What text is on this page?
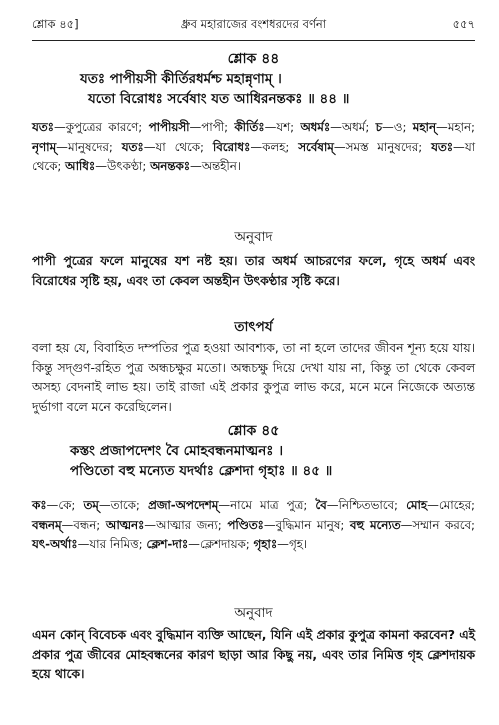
শ্লোক ৪৫]	ধ্রুব মহারাজের বংশধরদের বর্ণনা	৫৫৭

শ্লোক ৪৪

যতঃ পাপীয়সী কীর্তিরধর্মশ্চ মহান্নৃণাম্ ।

যতো বিরোধঃ সর্বেষাং যত আধিরনন্তকঃ ॥ ৪৪ ॥

যতঃ—কুপুত্রের কারণে; পাপীয়সী—পাপী; কীর্তিঃ—যশ; অধর্মঃ—অধর্ম; চ—ও; মহান্—মহান; নৃণাম্—মানুষদের; যতঃ—যা থেকে; বিরোধঃ—কলহ; সর্বেষাম্—সমস্ত মানুষদের; যতঃ—যা থেকে; আধিঃ—উৎকণ্ঠা; অনন্তকঃ—অন্তহীন।

অনুবাদ

পাপী পুত্রের ফলে মানুষের যশ নষ্ট হয়। তার অধর্ম আচরণের ফলে, গৃহে অধর্ম এবং বিরোধের সৃষ্টি হয়, এবং তা কেবল অন্তহীন উৎকণ্ঠার সৃষ্টি করে।

তাৎপর্য

বলা হয় যে, বিবাহিত দম্পতির পুত্র হওয়া আবশ্যক, তা না হলে তাদের জীবন শূন্য হয়ে যায়। কিন্তু সদ্গুণ-রহিত পুত্র অন্ধচক্ষুর মতো। অন্ধচক্ষু দিয়ে দেখা যায় না, কিন্তু তা থেকে কেবল অসহ্য বেদনাই লাভ হয়। তাই রাজা এই প্রকার কুপুত্র লাভ করে, মনে মনে নিজেকে অত্যন্ত দুর্ভাগা বলে মনে করেছিলেন।

শ্লোক ৪৫

কস্তং প্রজাপদেশং বৈ মোহবন্ধনমাত্মনঃ ।

পণ্ডিতো বহু মন্যেত যদর্থাঃ ক্লেশদা গৃহাঃ ॥ ৪৫ ॥

কঃ—কে; তম্—তাকে; প্রজা-অপদেশম্—নামে মাত্র পুত্র; বৈ—নিশ্চিতভাবে; মোহ—মোহের; বন্ধনম্—বন্ধন; আত্মনঃ—আত্মার জন্য; পণ্ডিতঃ—বুদ্ধিমান মানুষ; বহু মন্যেত—সম্মান করবে; যৎ-অর্থাঃ—যার নিমিত্ত; ক্লেশ-দাঃ—ক্লেশদায়ক; গৃহাঃ—গৃহ।

অনুবাদ

এমন কোন্ বিবেচক এবং বুদ্ধিমান ব্যক্তি আছেন, যিনি এই প্রকার কুপুত্র কামনা করবেন? এই প্রকার পুত্র জীবের মোহবন্ধনের কারণ ছাড়া আর কিছু নয়, এবং তার নিমিত্ত গৃহ ক্লেশদায়ক হয়ে থাকে।
